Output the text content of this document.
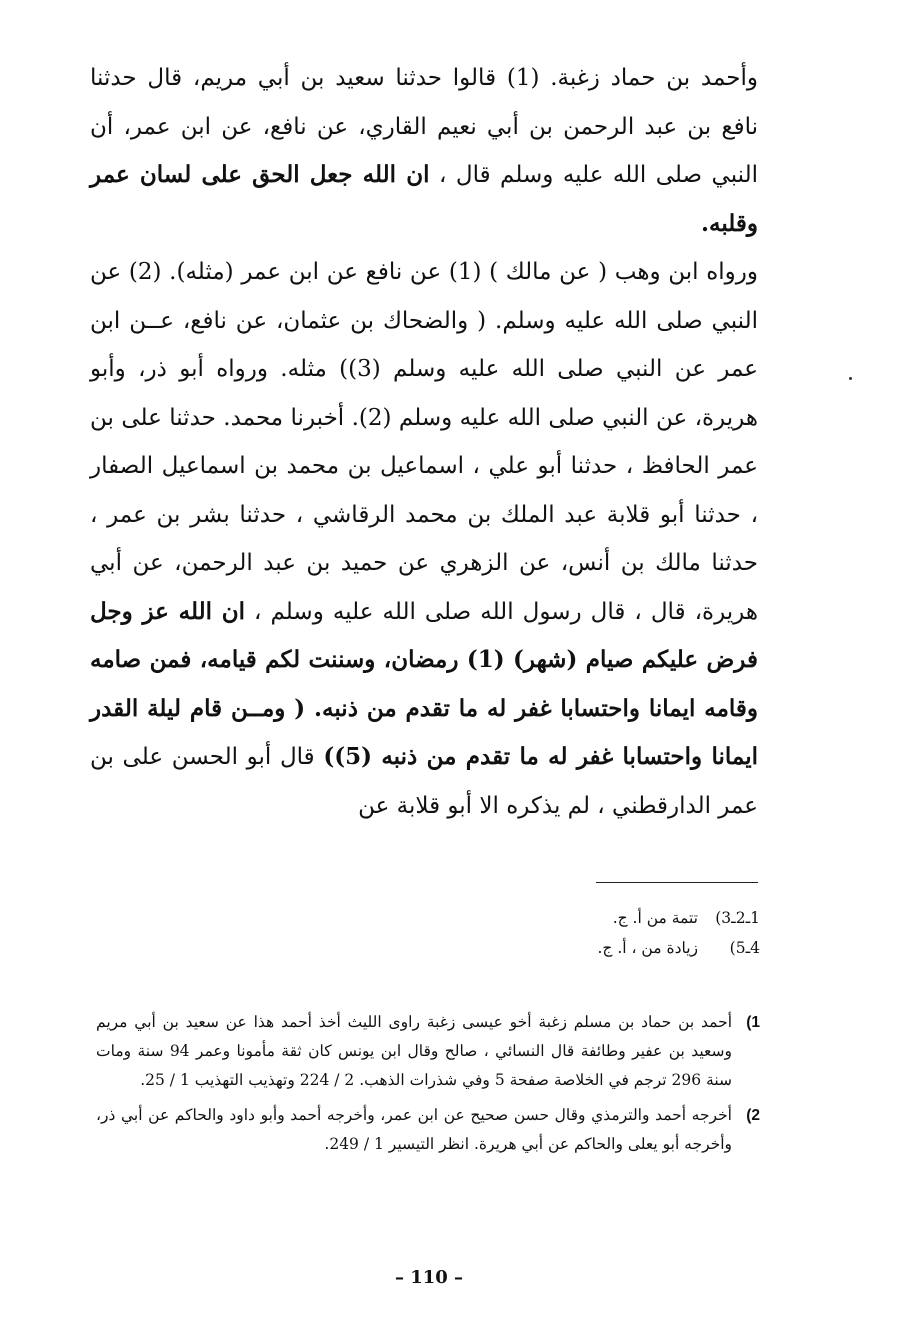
وأحمد بن حماد زغبة. (1) قالوا حدثنا سعيد بن أبي مريم، قال حدثنا نافع بن عبد الرحمن بن أبي نعيم القاري، عن نافع، عن ابن عمر، أن النبي صلى الله عليه وسلم قال ، ان الله جعل الحق على لسان عمر وقلبه.

ورواه ابن وهب ( عن مالك ) (1) عن نافع عن ابن عمر (مثله). (2) عن النبي صلى الله عليه وسلم. ( والضحاك بن عثمان، عن نافع، عــن ابن عمر عن النبي صلى الله عليه وسلم (3)) مثله. ورواه أبو ذر، وأبو هريرة، عن النبي صلى الله عليه وسلم (2). أخبرنا محمد. حدثنا على بن عمر الحافظ ، حدثنا أبو علي ، اسماعيل بن محمد بن اسماعيل الصفار ، حدثنا أبو قلابة عبد الملك بن محمد الرقاشي ، حدثنا بشر بن عمر ، حدثنا مالك بن أنس، عن الزهري عن حميد بن عبد الرحمن، عن أبي هريرة، قال ، قال رسول الله صلى الله عليه وسلم ، ان الله عز وجل فرض عليكم صيام (شهر) (1) رمضان، وسننت لكم قيامه، فمن صامه وقامه ايمانا واحتسابا غفر له ما تقدم من ذنبه. ( ومــن قام ليلة القدر ايمانا واحتسابا غفر له ما تقدم من ذنبه (5)) قال أبو الحسن على بن عمر الدارقطني ، لم يذكره الا أبو قلابة عن

1ـ2ـ3)
تتمة من أ. ج.
4ـ5)
زيادة من ، أ. ج.
1)
أحمد بن حماد بن مسلم زغبة أخو عيسى زغبة راوى الليث أخذ أحمد هذا عن سعيد بن أبي مريم وسعيد بن عفير وطائفة قال النسائي ، صالح وقال ابن يونس كان ثقة مأمونا وعمر 94 سنة ومات سنة 296 ترجم في الخلاصة صفحة 5 وفي شذرات الذهب. 2 / 224 وتهذيب التهذيب 1 / 25.
2)
أخرجه أحمد والترمذي وقال حسن صحيح عن ابن عمر، وأخرجه أحمد وأبو داود والحاكم عن أبي ذر، وأخرجه أبو يعلى والحاكم عن أبي هريرة. انظر التيسير 1 / 249.
– 110 –
